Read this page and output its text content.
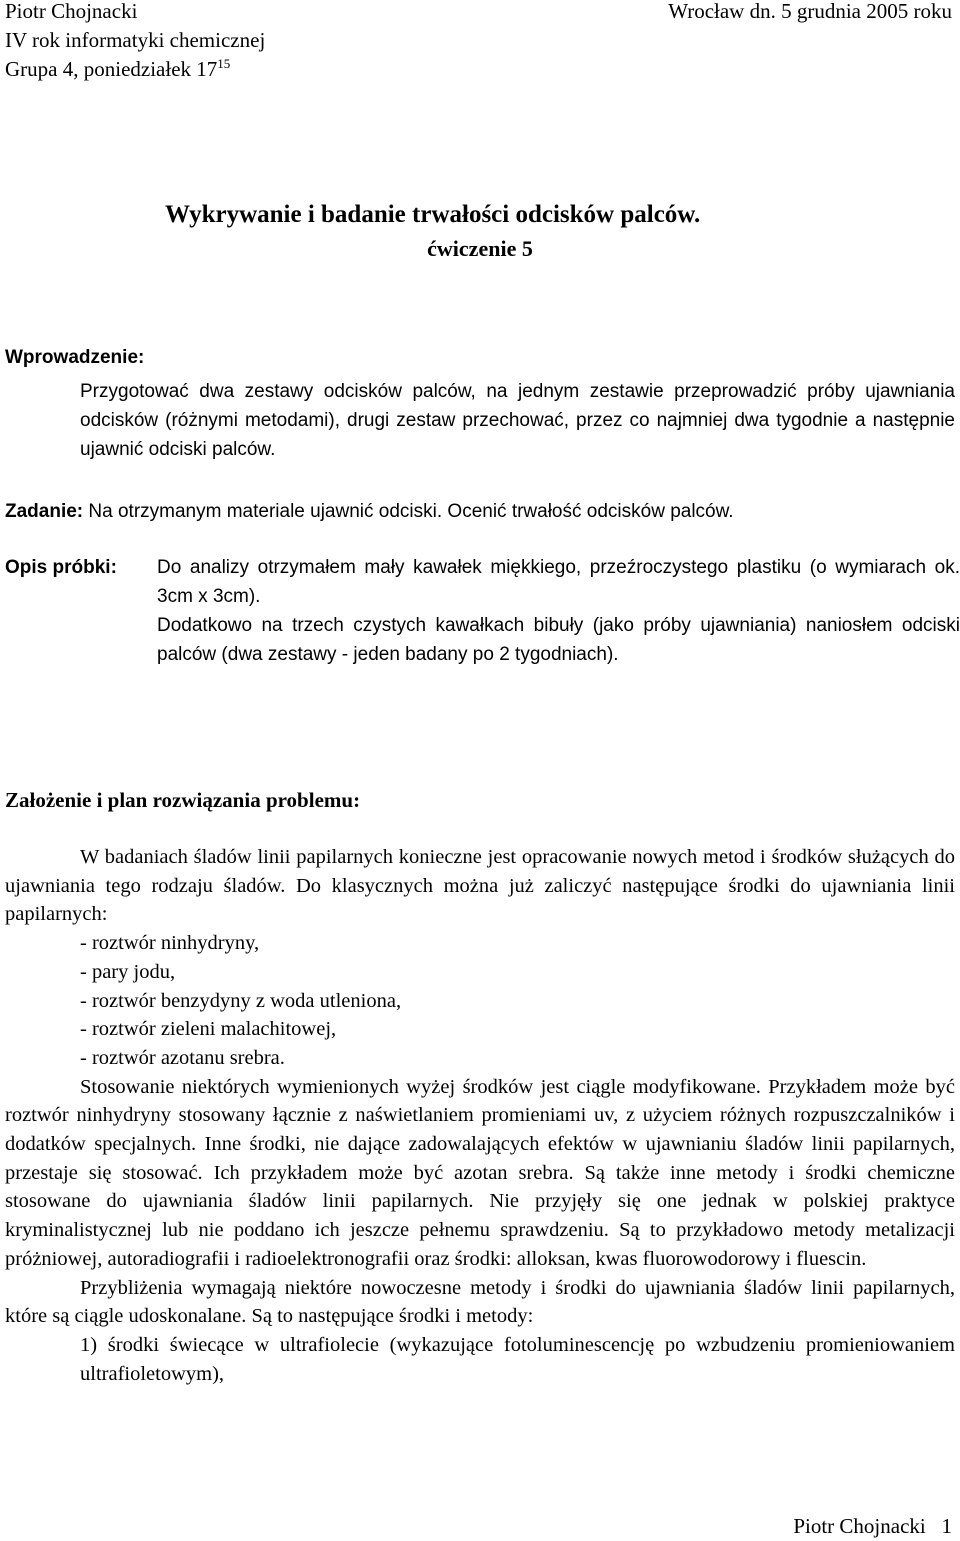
Piotr Chojnacki
IV rok informatyki chemicznej
Grupa 4, poniedziałek $17^{15}$
Wrocław dn. 5 grudnia 2005 roku
Wykrywanie i badanie trwałości odcisków palców.
ćwiczenie 5
Wprowadzenie:
Przygotować dwa zestawy odcisków palców, na jednym zestawie przeprowadzić próby ujawniania odcisków (różnymi metodami), drugi zestaw przechować, przez co najmniej dwa tygodnie a następnie ujawnić odciski palców.
Zadanie: Na otrzymanym materiale ujawnić odciski. Ocenić trwałość odcisków palców.
Opis próbki: Do analizy otrzymałem mały kawałek miękkiego, przeźroczystego plastiku (o wymiarach ok. 3cm x 3cm).
Dodatkowo na trzech czystych kawałkach bibuły (jako próby ujawniania) naniosłem odciski palców (dwa zestawy - jeden badany po 2 tygodniach).
Założenie i plan rozwiązania problemu:

W badaniach śladów linii papilarnych konieczne jest opracowanie nowych metod i środków służących do ujawniania tego rodzaju śladów. Do klasycznych można już zaliczyć następujące środki do ujawniania linii papilarnych:

- roztwór ninhydryny,

- pary jodu,

- roztwór benzydyny z woda utleniona,

- roztwór zieleni malachitowej,

- roztwór azotanu srebra.

Stosowanie niektórych wymienionych wyżej środków jest ciągle modyfikowane. Przykładem może być roztwór ninhydryny stosowany łącznie z naświetlaniem promieniami uv, z użyciem różnych rozpuszczalników i dodatków specjalnych. Inne środki, nie dające zadowalających efektów w ujawnianiu śladów linii papilarnych, przestaje się stosować. Ich przykładem może być azotan srebra. Są także inne metody i środki chemiczne stosowane do ujawniania śladów linii papilarnych. Nie przyjęły się one jednak w polskiej praktyce kryminalistycznej lub nie poddano ich jeszcze pełnemu sprawdzeniu. Są to przykładowo metody metalizacji próżniowej, autoradiografii i radioelektronografii oraz środki: alloksan, kwas fluorowodorowy i fluescin.

Przybliżenia wymagają niektóre nowoczesne metody i środki do ujawniania śladów linii papilarnych, które są ciągle udoskonalane. Są to następujące środki i metody:

1) środki świecące w ultrafiolecie (wykazujące fotoluminescencję po wzbudzeniu promieniowaniem ultrafioletowym),

Piotr Chojnacki 1
